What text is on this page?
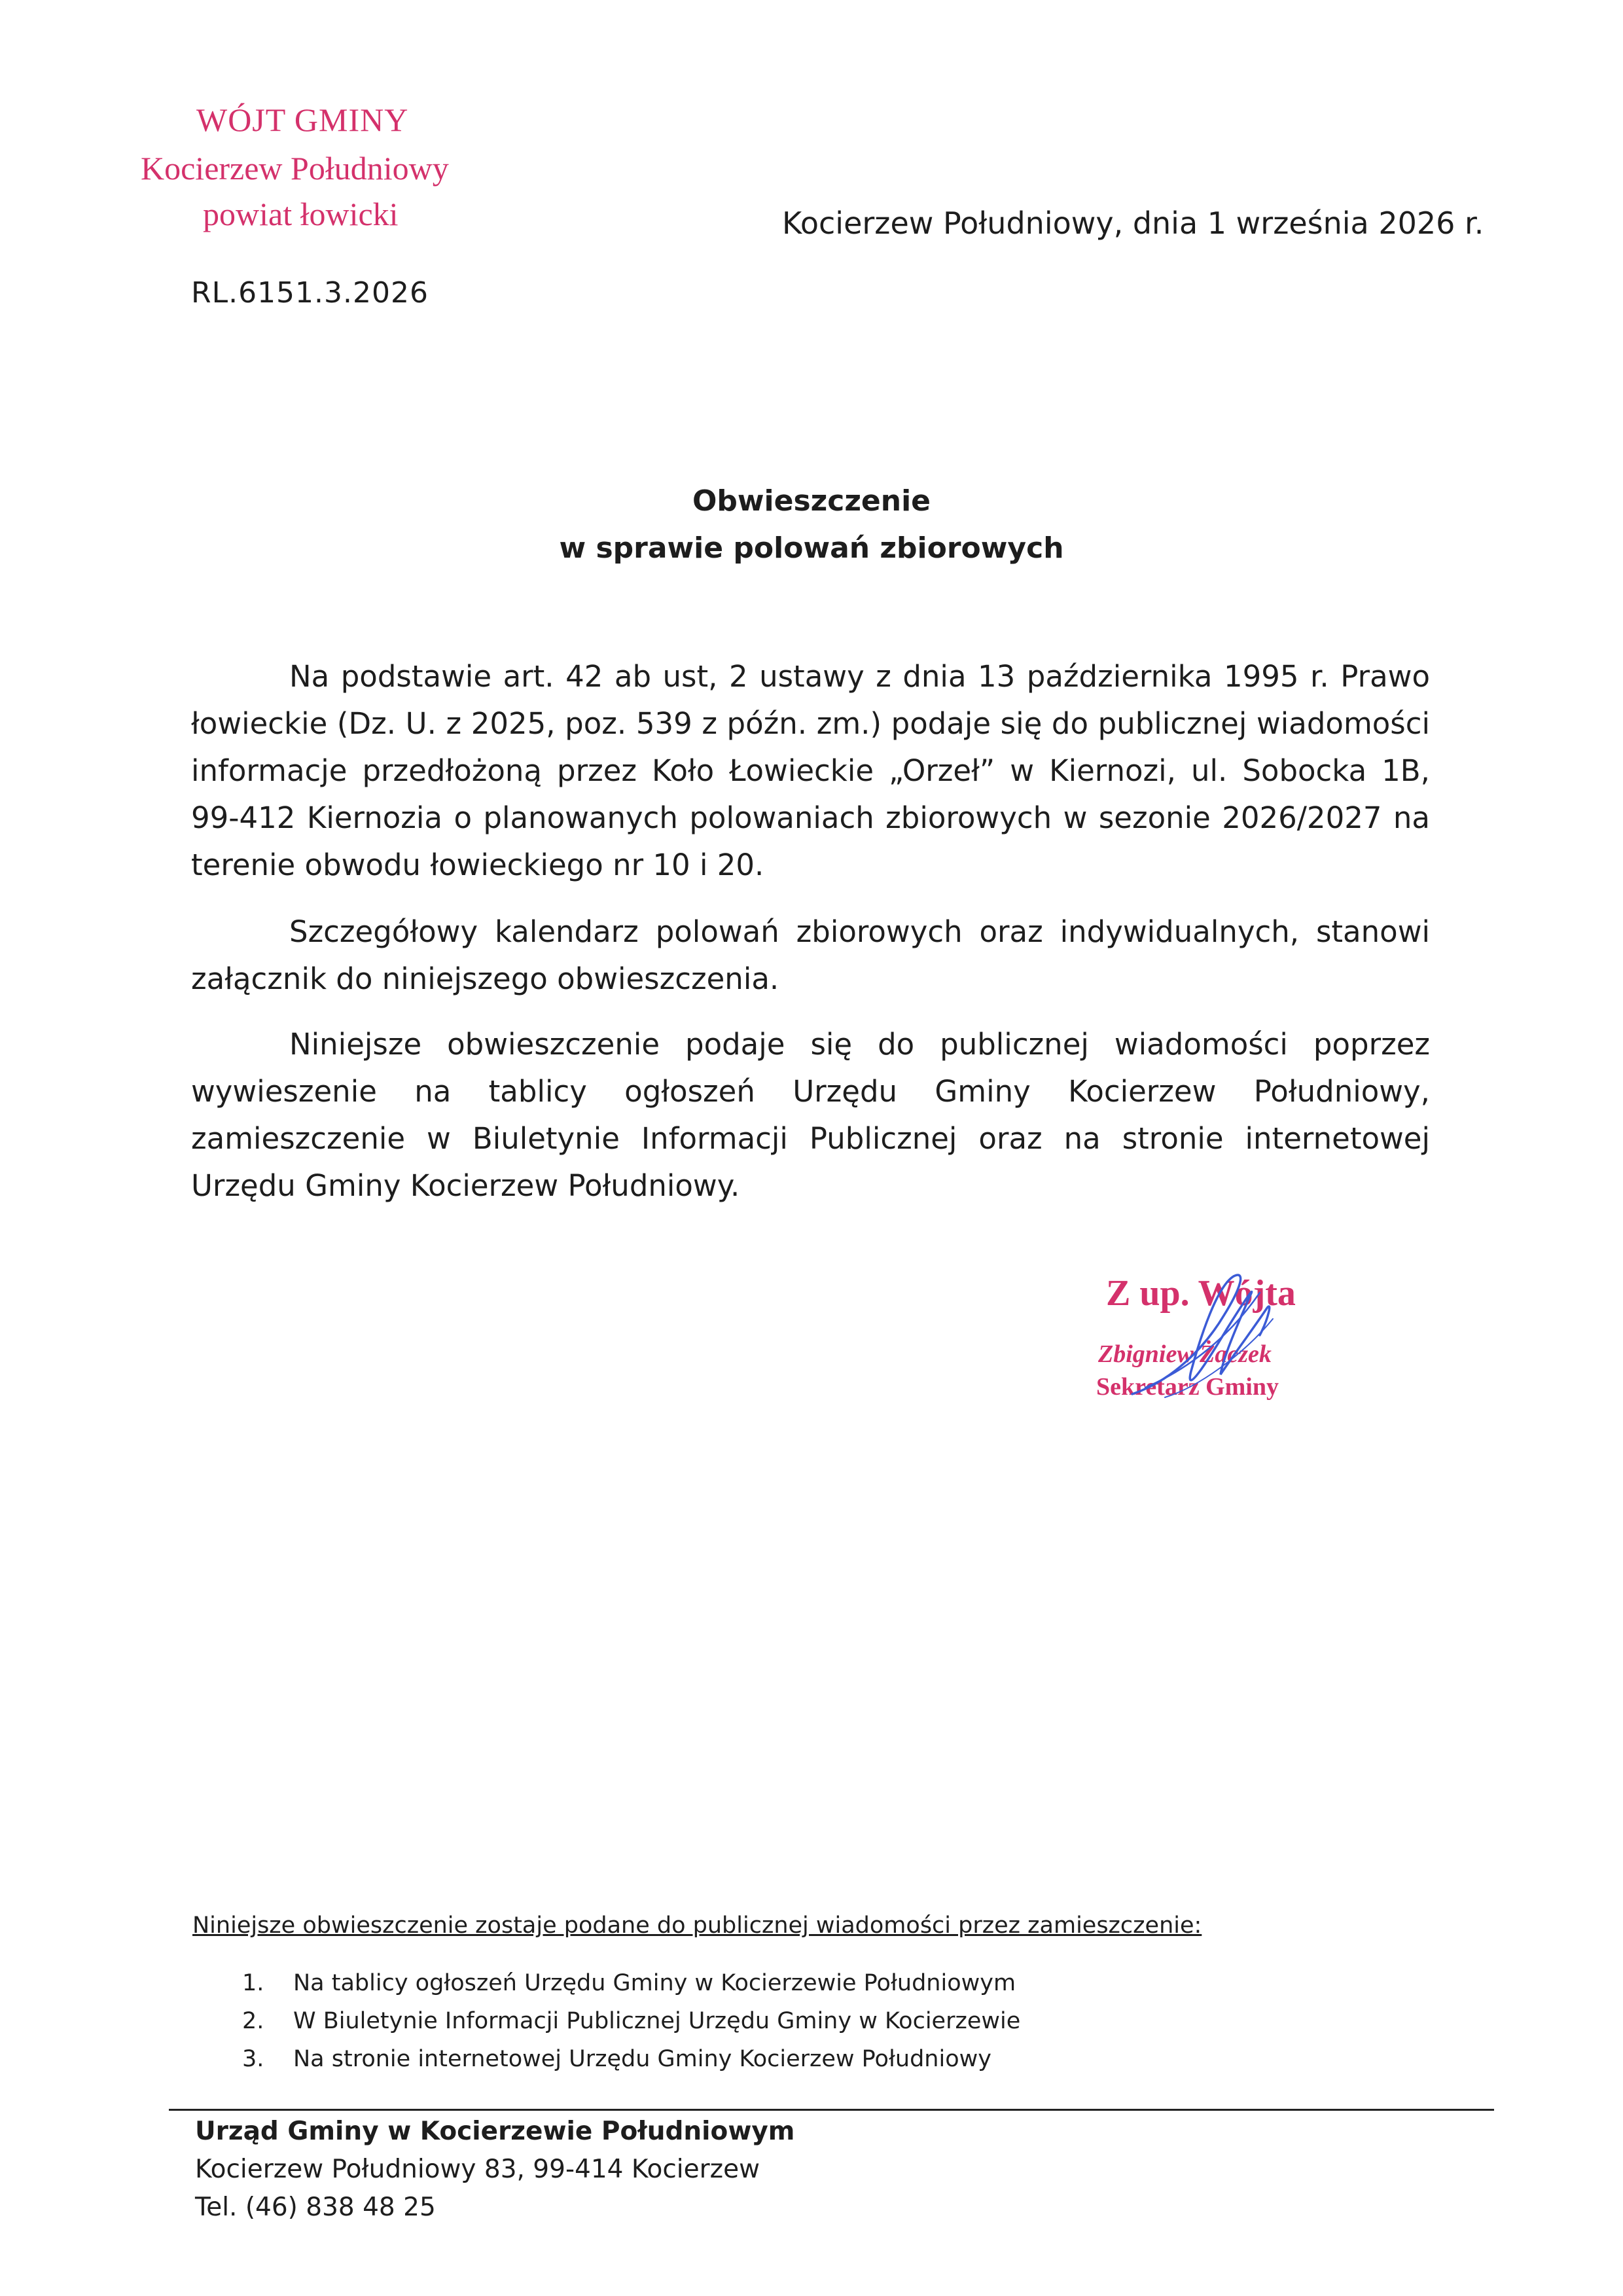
WÓJT GMINY
Kocierzew Południowy
powiat łowicki	Kocierzew Południowy, dnia 1 września 2026 r.
RL.6151.3.2026
Obwieszczenie
w sprawie polowań zbiorowych

Na podstawie art. 42 ab ust, 2 ustawy z dnia 13 października 1995 r. Prawo łowieckie (Dz. U. z 2025, poz. 539 z późn. zm.) podaje się do publicznej wiadomości informacje przedłożoną przez Koło Łowieckie „Orzeł” w Kiernozi, ul. Sobocka 1B, 99-412 Kiernozia o planowanych polowaniach zbiorowych w sezonie 2026/2027 na terenie obwodu łowieckiego nr 10 i 20.

Szczegółowy kalendarz polowań zbiorowych oraz indywidualnych, stanowi załącznik do niniejszego obwieszczenia.

Niniejsze obwieszczenie podaje się do publicznej wiadomości poprzez wywieszenie na tablicy ogłoszeń Urzędu Gminy Kocierzew Południowy, zamieszczenie w Biuletynie Informacji Publicznej oraz na stronie internetowej Urzędu Gminy Kocierzew Południowy.

Z up. Wójta
Zbigniew Żaczek
Sekretarz Gminy
Niniejsze obwieszczenie zostaje podane do publicznej wiadomości przez zamieszczenie:
1. Na tablicy ogłoszeń Urzędu Gminy w Kocierzewie Południowym
2. W Biuletynie Informacji Publicznej Urzędu Gminy w Kocierzewie
3. Na stronie internetowej Urzędu Gminy Kocierzew Południowy
Urząd Gminy w Kocierzewie Południowym
Kocierzew Południowy 83, 99-414 Kocierzew
Tel. (46) 838 48 25
